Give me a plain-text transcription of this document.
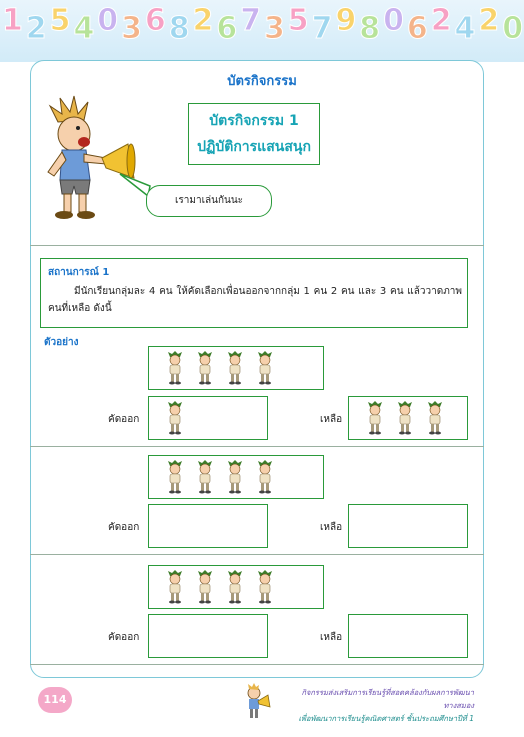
1 2 5 4 0 3 6 8 2 6 7 3 5 7 9 8 0 6 2 4 2 0
บัตรกิจกรรม
บัตรกิจกรรม 1
ปฏิบัติการแสนสนุก
เรามาเล่นกันนะ
สถานการณ์ 1
มีนักเรียนกลุ่มละ 4 คน ให้คัดเลือกเพื่อนออกจากกลุ่ม 1 คน 2 คน และ 3 คน แล้ววาดภาพคนที่เหลือ ดังนี้
ตัวอย่าง
คัดออก	เหลือ
คัดออก	เหลือ
คัดออก	เหลือ
114
กิจกรรมส่งเสริมการเรียนรู้ที่สอดคล้องกับผลการพัฒนาทางสมอง
เพื่อพัฒนาการเรียนรู้คณิตศาสตร์ ชั้นประถมศึกษาปีที่ 1
